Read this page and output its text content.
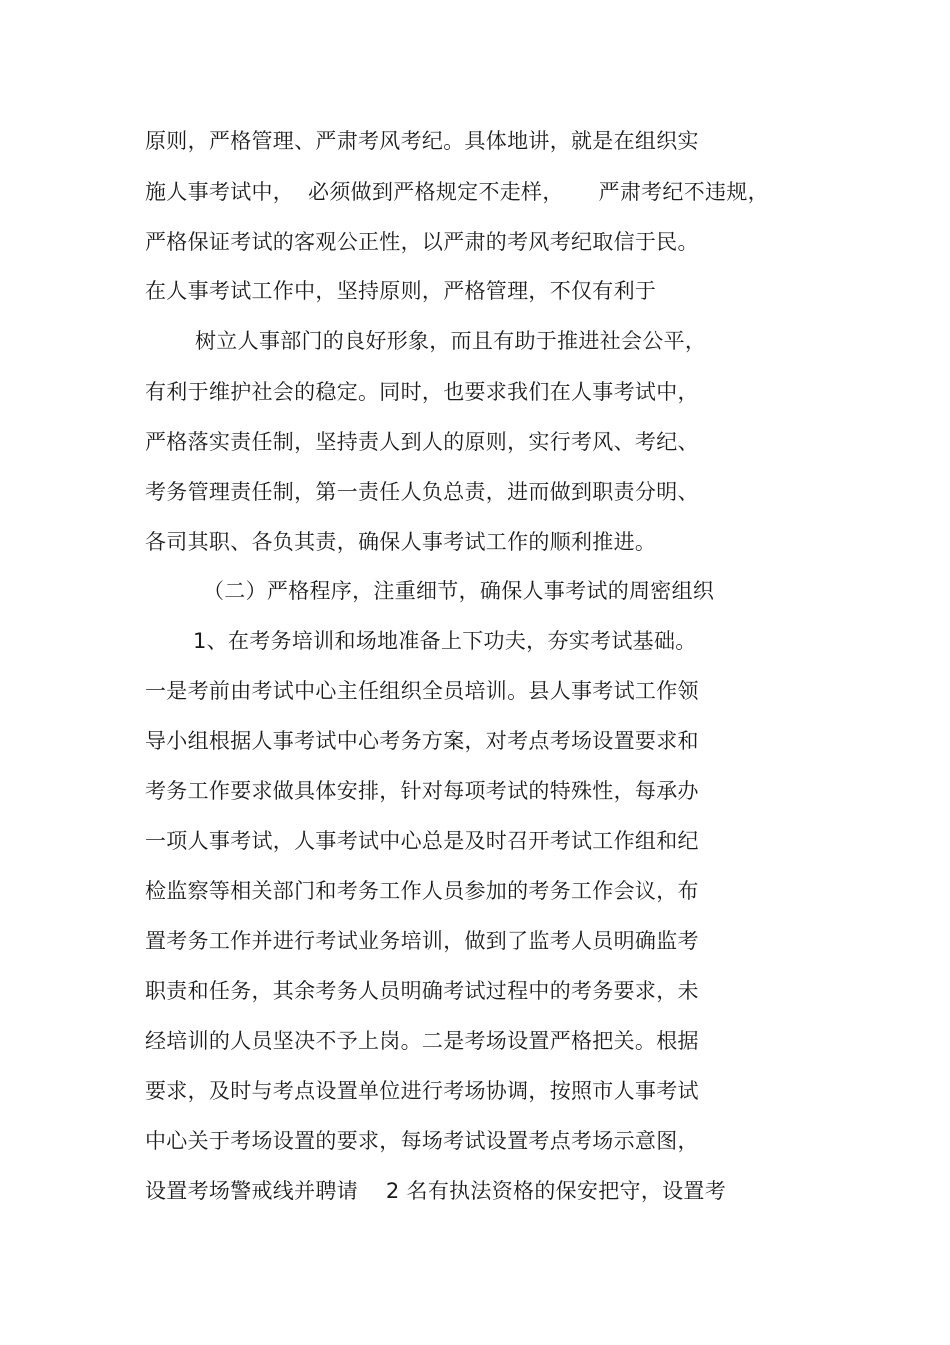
原则，严格管理、严肃考风考纪。具体地讲，就是在组织实
施人事考试中，  必须做到严格规定不走样，     严肃考纪不违规，
严格保证考试的客观公正性，以严肃的考风考纪取信于民。
在人事考试工作中，坚持原则，严格管理，不仅有利于
树立人事部门的良好形象，而且有助于推进社会公平，
有利于维护社会的稳定。同时，也要求我们在人事考试中，
严格落实责任制，坚持责人到人的原则，实行考风、考纪、
考务管理责任制，第一责任人负总责，进而做到职责分明、
各司其职、各负其责，确保人事考试工作的顺利推进。
（二）严格程序，注重细节，确保人事考试的周密组织
1、在考务培训和场地准备上下功夫，夯实考试基础。
一是考前由考试中心主任组织全员培训。县人事考试工作领
导小组根据人事考试中心考务方案，对考点考场设置要求和
考务工作要求做具体安排，针对每项考试的特殊性，每承办
一项人事考试，人事考试中心总是及时召开考试工作组和纪
检监察等相关部门和考务工作人员参加的考务工作会议，布
置考务工作并进行考试业务培训，做到了监考人员明确监考
职责和任务，其余考务人员明确考试过程中的考务要求，未
经培训的人员坚决不予上岗。二是考场设置严格把关。根据
要求，及时与考点设置单位进行考场协调，按照市人事考试
中心关于考场设置的要求，每场考试设置考点考场示意图，
设置考场警戒线并聘请    2 名有执法资格的保安把守，设置考
